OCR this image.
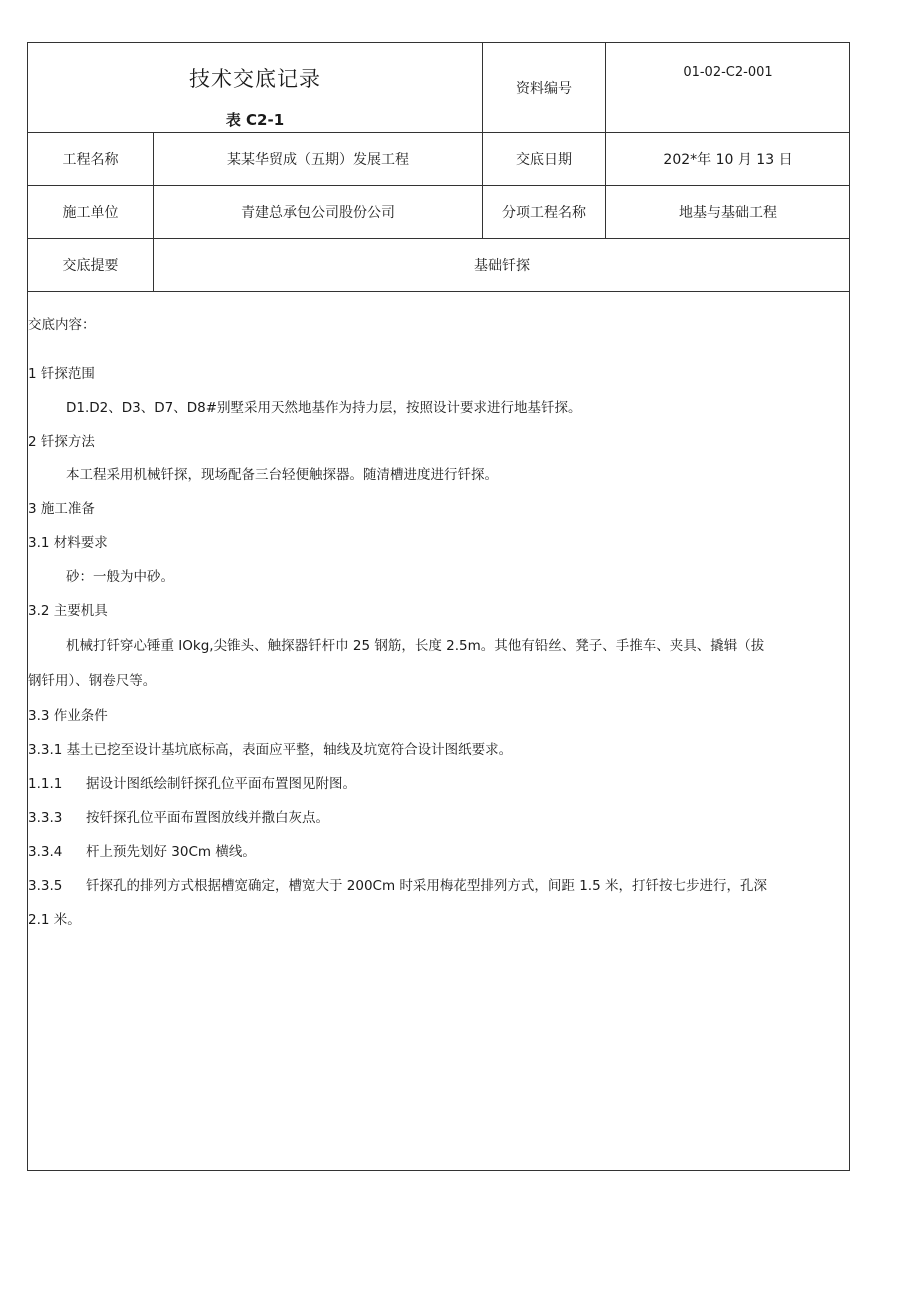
技术交底记录
表 C2-1
资料编号
01-02-C2-001
工程名称	某某华贸成（五期）发展工程	交底日期	202*年 10 月 13 日
施工单位	青建总承包公司股份公司	分项工程名称	地基与基础工程
交底提要	基础钎探
交底内容：
1 钎探范围
D1.D2、D3、D7、D8#别墅采用天然地基作为持力层，按照设计要求进行地基钎探。
2 钎探方法
本工程采用机械钎探，现场配备三台轻便触探器。随清槽进度进行钎探。
3 施工准备
3.1 材料要求
砂：一般为中砂。
3.2 主要机具
机械打钎穿心锤重 IOkg,尖锥头、触探器钎杆巾 25 钢筋，长度 2.5m。其他有铅丝、凳子、手推车、夹具、撬辑（拔
钢钎用）、钢卷尺等。
3.3 作业条件
3.3.1 基土已挖至设计基坑底标高，表面应平整，轴线及坑宽符合设计图纸要求。
1.1.1 据设计图纸绘制钎探孔位平面布置图见附图。
3.3.3 按钎探孔位平面布置图放线并撒白灰点。
3.3.4 杆上预先划好 30Cm 横线。
3.3.5 钎探孔的排列方式根据槽宽确定，槽宽大于 200Cm 时采用梅花型排列方式，间距 1.5 米，打钎按七步进行，孔深
2.1 米。
